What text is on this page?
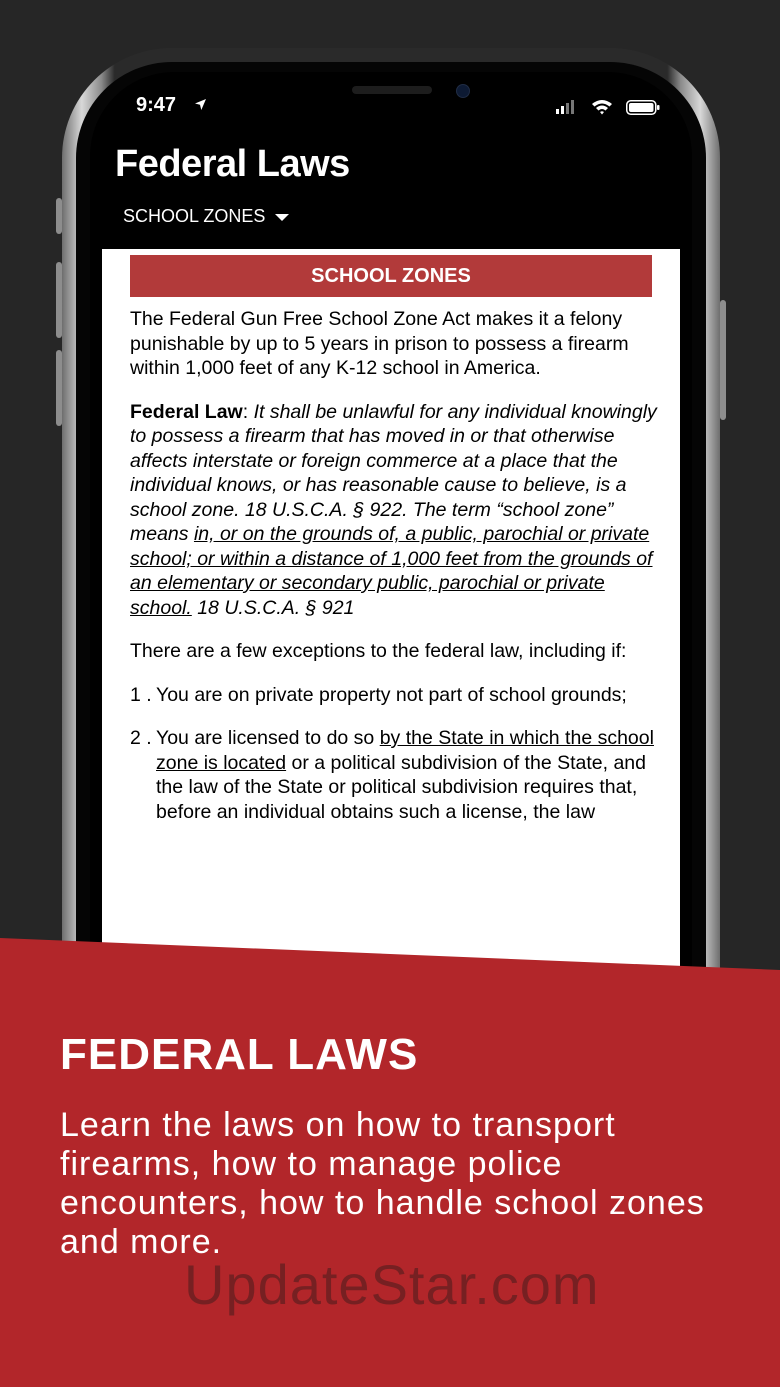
9:47
Federal Laws
SCHOOL ZONES
SCHOOL ZONES

The Federal Gun Free School Zone Act makes it a felony punishable by up to 5 years in prison to possess a firearm within 1,000 feet of any K-12 school in America.

Federal Law: It shall be unlawful for any individual knowingly to possess a firearm that has moved in or that otherwise affects interstate or foreign commerce at a place that the individual knows, or has reasonable cause to believe, is a school zone. 18 U.S.C.A. § 922. The term “school zone” means in, or on the grounds of, a public, parochial or private school; or within a distance of 1,000 feet from the grounds of an elementary or secondary public, parochial or private school. 18 U.S.C.A. § 921

There are a few exceptions to the federal law, including if:

1 . You are on private property not part of school grounds;
2 . You are licensed to do so by the State in which the school zone is located or a political subdivision of the State, and the law of the State or political subdivision requires that, before an individual obtains such a license, the law
FEDERAL LAWS
Learn the laws on how to transport firearms, how to manage police encounters, how to handle school zones and more.
UpdateStar.com
